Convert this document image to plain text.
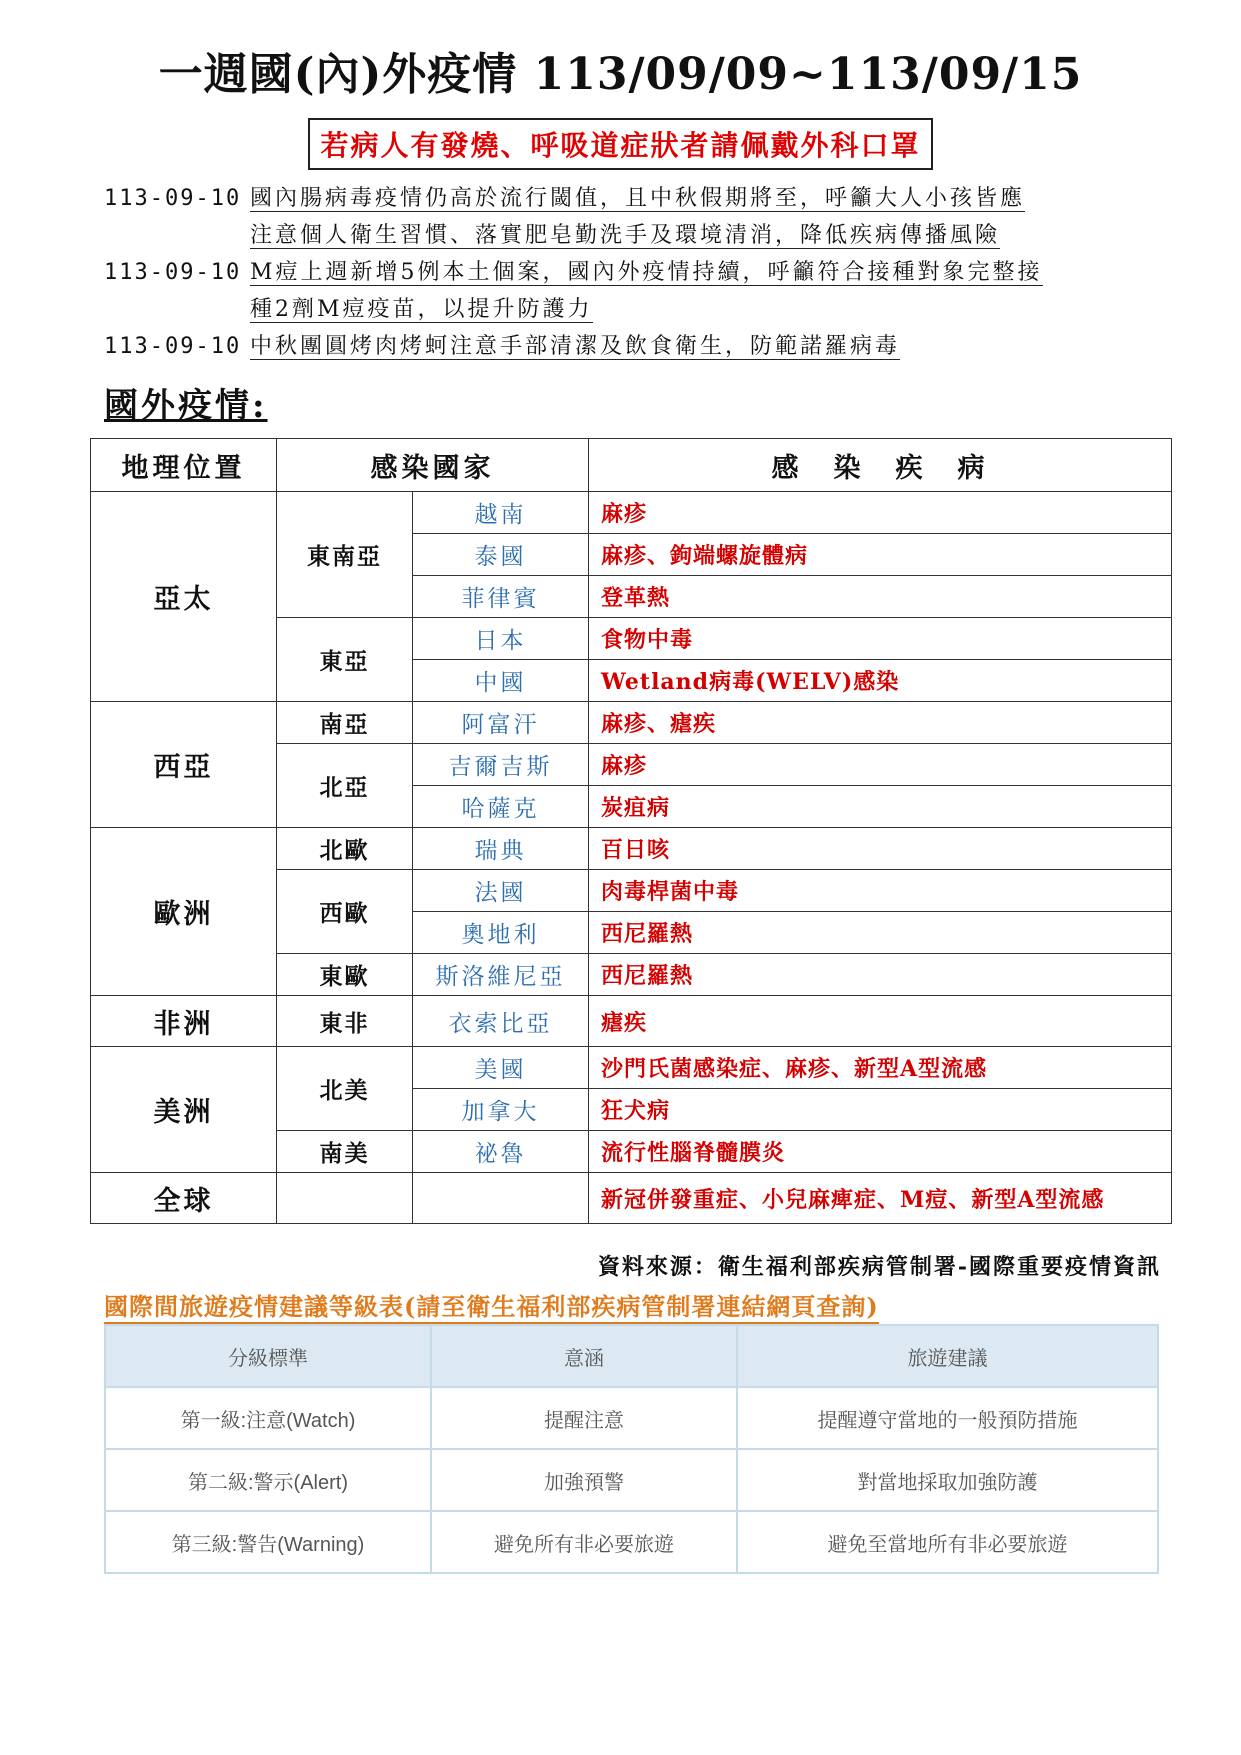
一週國(內)外疫情 113/09/09~113/09/15
若病人有發燒、呼吸道症狀者請佩戴外科口罩
113-09-10 國內腸病毒疫情仍高於流行閾值，且中秋假期將至，呼籲大人小孩皆應
注意個人衛生習慣、落實肥皂勤洗手及環境清消，降低疾病傳播風險
113-09-10 M痘上週新增5例本土個案，國內外疫情持續，呼籲符合接種對象完整接
種2劑M痘疫苗，以提升防護力
113-09-10 中秋團圓烤肉烤蚵注意手部清潔及飲食衛生，防範諾羅病毒
國外疫情:
地理位置	感染國家		感　染　疾　病
亞太	東南亞	越南	麻疹
		泰國	麻疹、鉤端螺旋體病
		菲律賓	登革熱
	東亞	日本	食物中毒
		中國	Wetland病毒(WELV)感染
西亞	南亞	阿富汗	麻疹、瘧疾
	北亞	吉爾吉斯	麻疹
		哈薩克	炭疽病
歐洲	北歐	瑞典	百日咳
	西歐	法國	肉毒桿菌中毒
		奧地利	西尼羅熱
	東歐	斯洛維尼亞	西尼羅熱
非洲	東非	衣索比亞	瘧疾
美洲	北美	美國	沙門氏菌感染症、麻疹、新型A型流感
		加拿大	狂犬病
	南美	祕魯	流行性腦脊髓膜炎
全球			新冠併發重症、小兒麻痺症、M痘、新型A型流感
資料來源：衛生福利部疾病管制署-國際重要疫情資訊
國際間旅遊疫情建議等級表(請至衛生福利部疾病管制署連結網頁查詢)
分級標準	意涵	旅遊建議
第一級:注意(Watch)	提醒注意	提醒遵守當地的一般預防措施
第二級:警示(Alert)	加強預警	對當地採取加強防護
第三級:警告(Warning)	避免所有非必要旅遊	避免至當地所有非必要旅遊
